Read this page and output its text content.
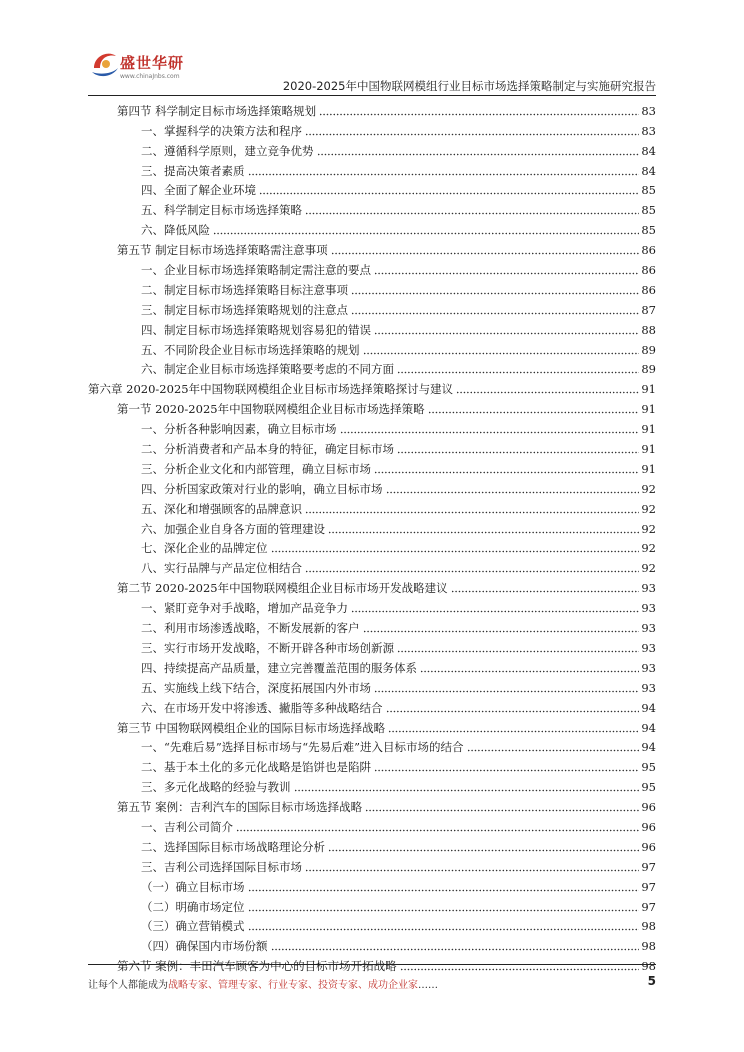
盛世华研
www.chinaJnbs.com
2020-2025年中国物联网模组行业目标市场选择策略制定与实施研究报告
第四节 科学制定目标市场选择策略规划	83
一、掌握科学的决策方法和程序	83
二、遵循科学原则，建立竞争优势	84
三、提高决策者素质	84
四、全面了解企业环境	85
五、科学制定目标市场选择策略	85
六、降低风险	85
第五节 制定目标市场选择策略需注意事项	86
一、企业目标市场选择策略制定需注意的要点	86
二、制定目标市场选择策略目标注意事项	86
三、制定目标市场选择策略规划的注意点	87
四、制定目标市场选择策略规划容易犯的错误	88
五、不同阶段企业目标市场选择策略的规划	89
六、制定企业目标市场选择策略要考虑的不同方面	89
第六章 2020-2025年中国物联网模组企业目标市场选择策略探讨与建议	91
第一节 2020-2025年中国物联网模组企业目标市场选择策略	91
一、分析各种影响因素，确立目标市场	91
二、分析消费者和产品本身的特征，确定目标市场	91
三、分析企业文化和内部管理，确立目标市场	91
四、分析国家政策对行业的影响，确立目标市场	92
五、深化和增强顾客的品牌意识	92
六、加强企业自身各方面的管理建设	92
七、深化企业的品牌定位	92
八、实行品牌与产品定位相结合	92
第二节 2020-2025年中国物联网模组企业目标市场开发战略建议	93
一、紧盯竞争对手战略，增加产品竞争力	93
二、利用市场渗透战略，不断发展新的客户	93
三、实行市场开发战略，不断开辟各种市场创新源	93
四、持续提高产品质量，建立完善覆盖范围的服务体系	93
五、实施线上线下结合，深度拓展国内外市场	93
六、在市场开发中将渗透、撇脂等多种战略结合	94
第三节 中国物联网模组企业的国际目标市场选择战略	94
一、“先难后易”选择目标市场与“先易后难”进入目标市场的结合	94
二、基于本土化的多元化战略是馅饼也是陷阱	95
三、多元化战略的经验与教训	95
第五节 案例：吉利汽车的国际目标市场选择战略	96
一、吉利公司简介	96
二、选择国际目标市场战略理论分析	96
三、吉利公司选择国际目标市场	97
（一）确立目标市场	97
（二）明确市场定位	97
（三）确立营销模式	98
（四）确保国内市场份额	98
第六节 案例：丰田汽车顾客为中心的目标市场开拓战略	98
让每个人都能成为战略专家、管理专家、行业专家、投资专家、成功企业家……	5
